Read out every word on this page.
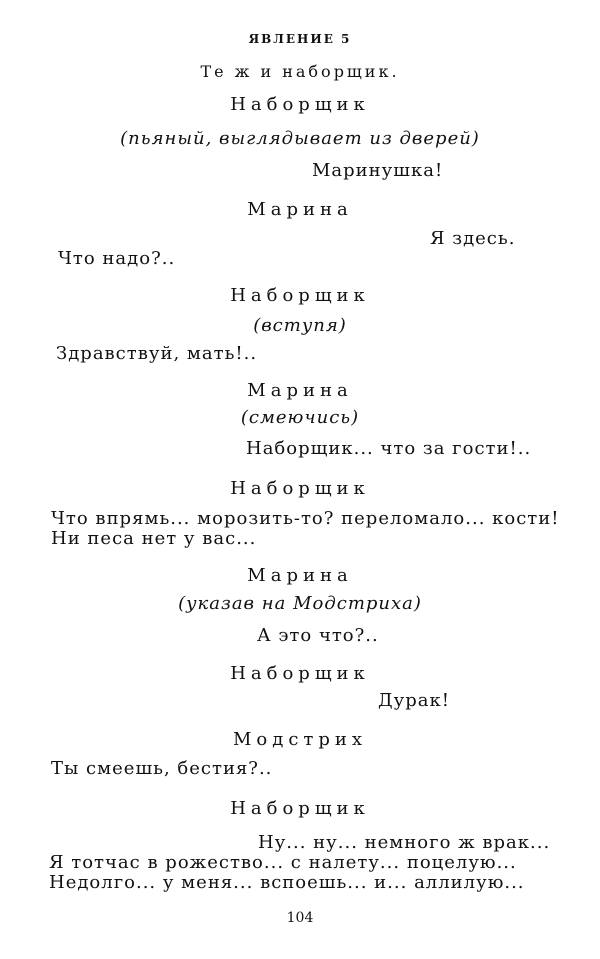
ЯВЛЕНИЕ 5
Те ж и наборщик.
Наборщик
(пьяный, выглядывает из дверей)
Маринушка!
Марина
Я здесь.
Что надо?..
Наборщик
(вступя)
Здравствуй, мать!..
Марина
(смеючись)
Наборщик... что за гости!..
Наборщик
Что впрямь... морозить-то? переломало... кости!
Ни песа нет у вас...
Марина
(указав на Модстриха)
А это что?..
Наборщик
Дурак!
Модстрих
Ты смеешь, бестия?..
Наборщик
Ну... ну... немного ж врак...
Я тотчас в рожество... с налету... поцелую...
Недолго... у меня... вспоешь... и... аллилую...
104
